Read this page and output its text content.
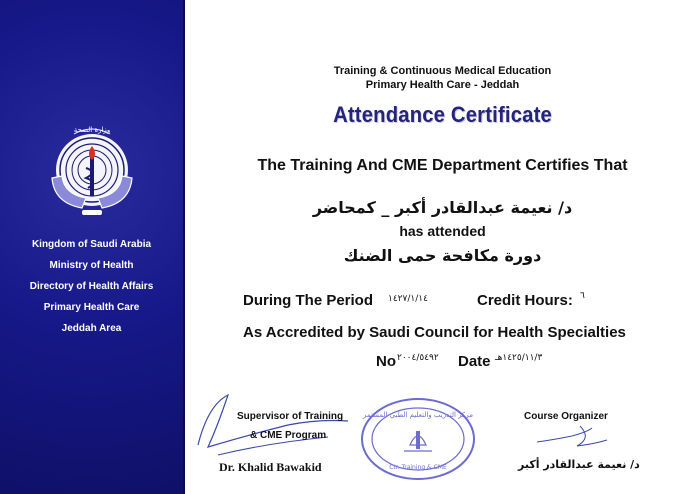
وزارة الصحة
Kingdom of Saudi Arabia
Ministry of Health
Directory of Health Affairs
Primary Health Care
Jeddah Area
Training & Continuous Medical Education
Primary Health Care - Jeddah
Attendance Certificate
The Training And CME Department Certifies That
د/ نعيمة عبدالقادر أكبر _ كمحاضر
has attended
دورة مكافحة حمى الضنك
During The Period ١٤٢٧/١/١٤	Credit Hours: ٦
As Accredited by Saudi Council for Health Specialties
No ٢٠٠٤/٥٤٩٢ Date ١٤٢٥/١١/٣هـ
Supervisor of Training
& CME Program
Dr. Khalid Bawakid
مركز التدريب والتعليم الطبي المستمر
Ctr. Training & CME
Course Organizer
د/ نعيمة عبدالقادر أكبر
